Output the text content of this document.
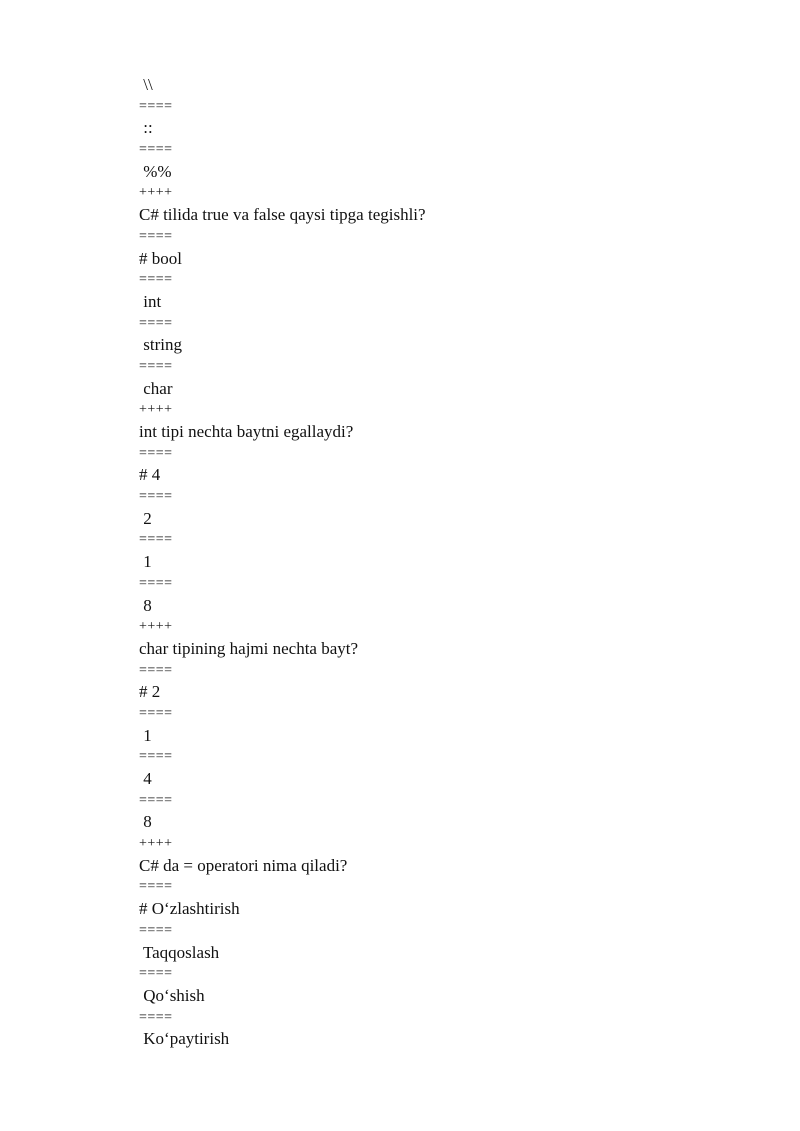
\\
====
::
====
%%
++++
C# tilida true va false qaysi tipga tegishli?
====
# bool
====
int
====
string
====
char
++++
int tipi nechta baytni egallaydi?
====
# 4
====
2
====
1
====
8
++++
char tipining hajmi nechta bayt?
====
# 2
====
1
====
4
====
8
++++
C# da = operatori nima qiladi?
====
# O‘zlashtirish
====
Taqqoslash
====
Qo‘shish
====
Ko‘paytirish
